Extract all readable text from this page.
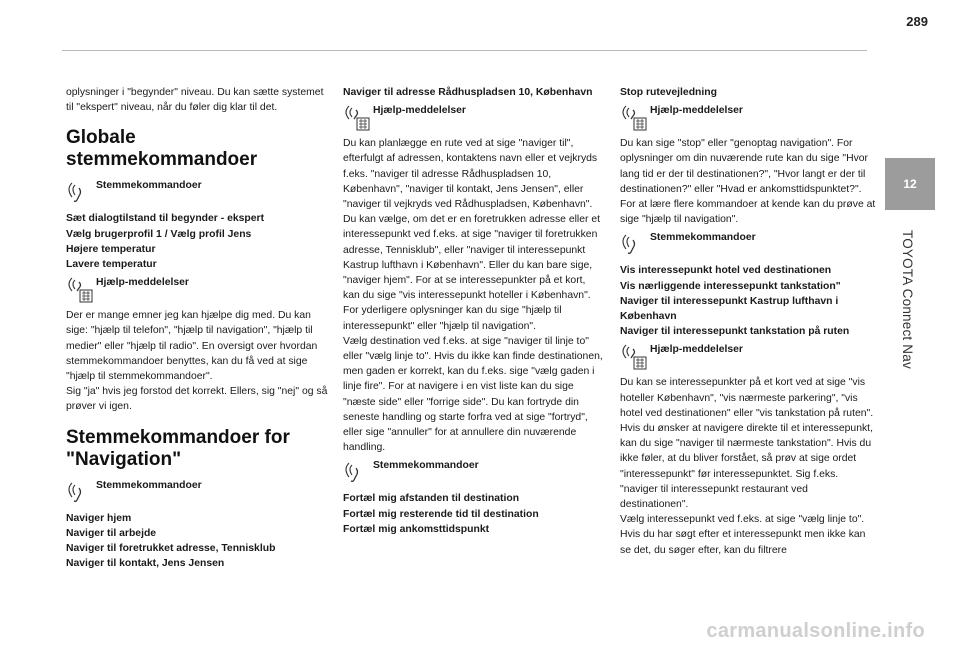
289
12
TOYOTA Connect Nav

oplysninger i "begynder" niveau. Du kan sætte systemet til "ekspert" niveau, når du føler dig klar til det.

Globale stemmekommandoer
Stemmekommandoer

Sæt dialogtilstand til begynder - ekspert

Vælg brugerprofil 1 / Vælg profil Jens

Højere temperatur

Lavere temperatur

Hjælp-meddelelser

Der er mange emner jeg kan hjælpe dig med. Du kan sige: "hjælp til telefon", "hjælp til navigation", "hjælp til medier" eller "hjælp til radio". En oversigt over hvordan stemmekommandoer benyttes, kan du få ved at sige "hjælp til stemmekommandoer".

Sig "ja" hvis jeg forstod det korrekt. Ellers, sig "nej" og så prøver vi igen.

Stemmekommandoer for "Navigation"
Stemmekommandoer

Naviger hjem

Naviger til arbejde

Naviger til foretrukket adresse, Tennisklub

Naviger til kontakt, Jens Jensen

Naviger til adresse Rådhuspladsen 10, København

Hjælp-meddelelser

Du kan planlægge en rute ved at sige "naviger til", efterfulgt af adressen, kontaktens navn eller et vejkryds f.eks. "naviger til adresse Rådhuspladsen 10, København", "naviger til kontakt, Jens Jensen", eller "naviger til vejkryds ved Rådhuspladsen, København". Du kan vælge, om det er en foretrukken adresse eller et interessepunkt ved f.eks. at sige "naviger til foretrukken adresse, Tennisklub", eller "naviger til interessepunkt Kastrup lufthavn i København". Eller du kan bare sige, "naviger hjem". For at se interessepunkter på et kort, kan du sige "vis interessepunkt hoteller i København". For yderligere oplysninger kan du sige "hjælp til interessepunkt" eller "hjælp til navigation".

Vælg destination ved f.eks. at sige "naviger til linje to" eller "vælg linje to". Hvis du ikke kan finde destinationen, men gaden er korrekt, kan du f.eks. sige "vælg gaden i linje fire". For at navigere i en vist liste kan du sige "næste side" eller "forrige side". Du kan fortryde din seneste handling og starte forfra ved at sige "fortryd", eller sige "annuller" for at annullere din nuværende handling.

Stemmekommandoer

Fortæl mig afstanden til destination

Fortæl mig resterende tid til destination

Fortæl mig ankomsttidspunkt

Stop rutevejledning

Hjælp-meddelelser

Du kan sige "stop" eller "genoptag navigation". For oplysninger om din nuværende rute kan du sige "Hvor lang tid er der til destinationen?", "Hvor langt er der til destinationen?" eller "Hvad er ankomsttidspunktet?". For at lære flere kommandoer at kende kan du prøve at sige "hjælp til navigation".

Stemmekommandoer

Vis interessepunkt hotel ved destinationen

Vis nærliggende interessepunkt tankstation"

Naviger til interessepunkt Kastrup lufthavn i København

Naviger til interessepunkt tankstation på ruten

Hjælp-meddelelser

Du kan se interessepunkter på et kort ved at sige "vis hoteller København", "vis nærmeste parkering", "vis hotel ved destinationen" eller "vis tankstation på ruten". Hvis du ønsker at navigere direkte til et interessepunkt, kan du sige "naviger til nærmeste tankstation". Hvis du ikke føler, at du bliver forstået, så prøv at sige ordet "interessepunkt" før interessepunktet. Sig f.eks. "naviger til interessepunkt restaurant ved destinationen".

Vælg interessepunkt ved f.eks. at sige "vælg linje to". Hvis du har søgt efter et interessepunkt men ikke kan se det, du søger efter, kan du filtrere

carmanualsonline.info
